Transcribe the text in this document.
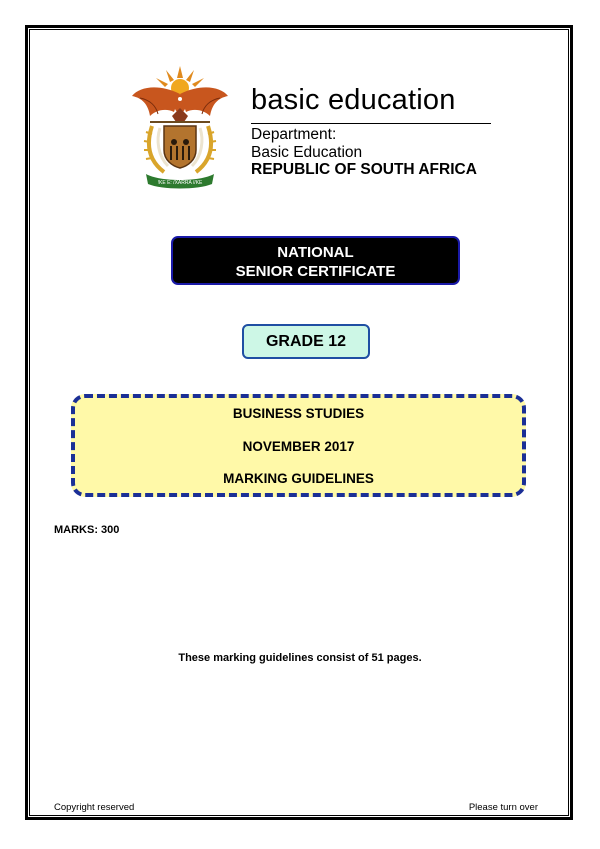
!KE E: /XARRA //KE
basic education
Department:
Basic Education
REPUBLIC OF SOUTH AFRICA
NATIONAL
SENIOR CERTIFICATE
GRADE 12
BUSINESS STUDIES
NOVEMBER 2017
MARKING GUIDELINES
MARKS: 300
These marking guidelines consist of 51 pages.
Copyright reserved	Please turn over
